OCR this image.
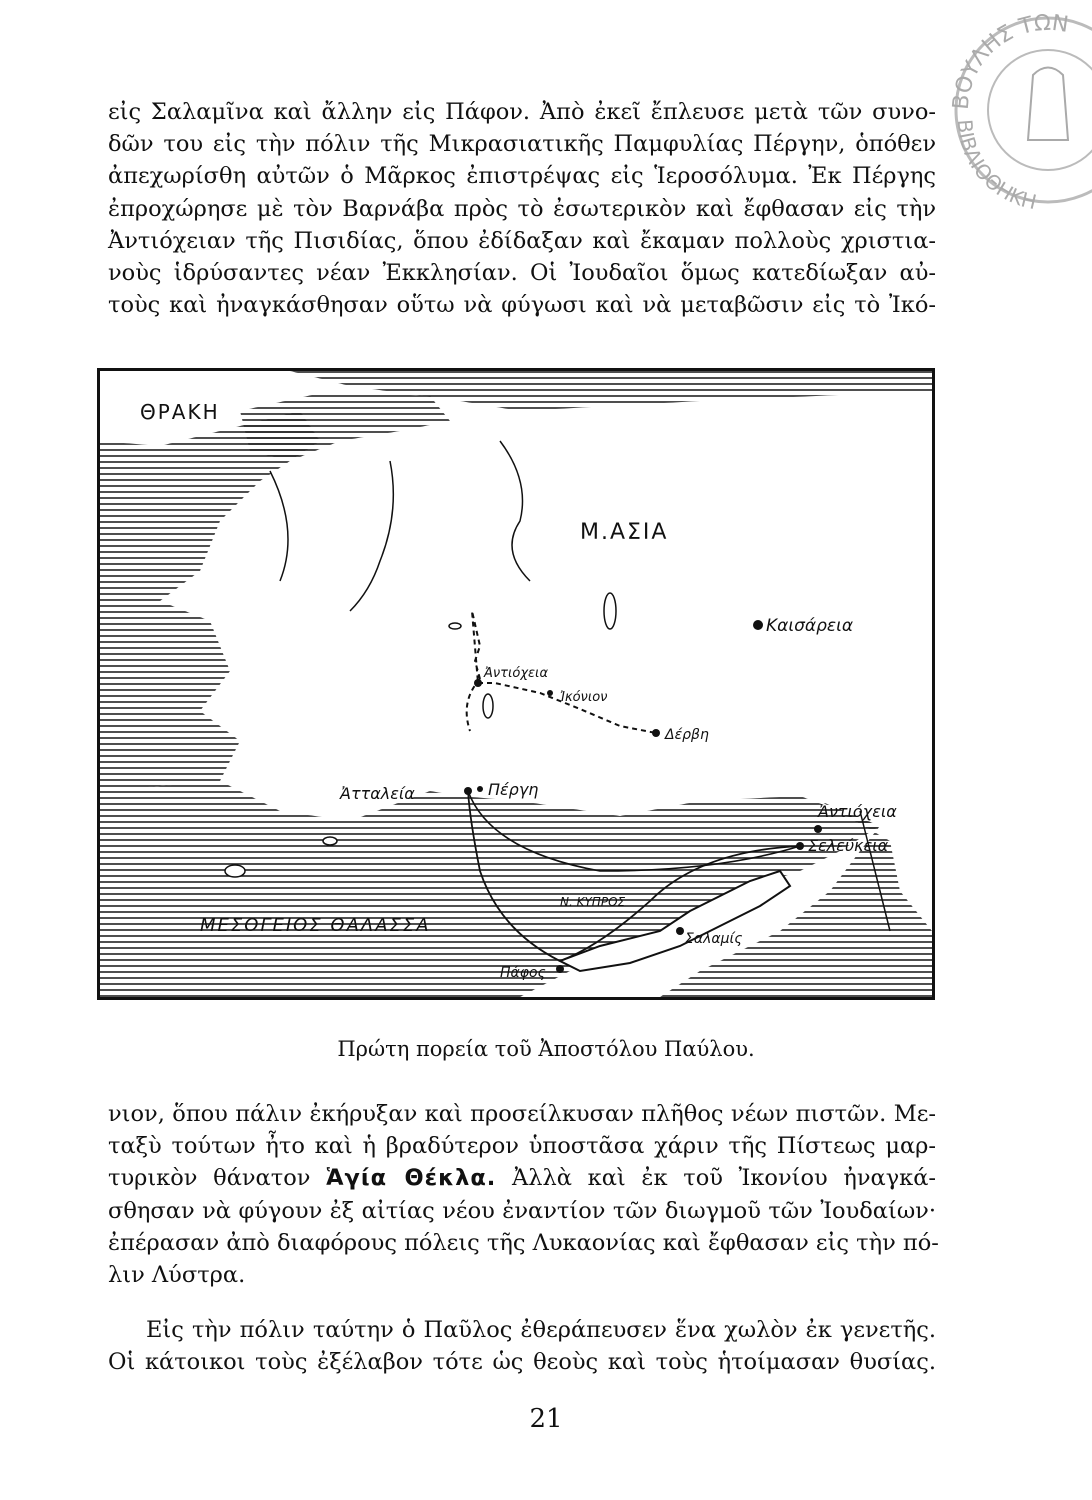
εἰς Σαλαμῖνα καὶ ἄλλην εἰς Πάφον. Ἀπὸ ἐκεῖ ἔπλευσε μετὰ τῶν συνο-
δῶν του εἰς τὴν πόλιν τῆς Μικρασιατικῆς Παμφυλίας Πέργην, ὁπόθεν
ἀπεχωρίσθη αὐτῶν ὁ Μᾶρκος ἐπιστρέψας εἰς Ἱεροσόλυμα. Ἐκ Πέργης
ἐπροχώρησε μὲ τὸν Βαρνάβα πρὸς τὸ ἐσωτερικὸν καὶ ἔφθασαν εἰς τὴν
Ἀντιόχειαν τῆς Πισιδίας, ὅπου ἐδίδαξαν καὶ ἔκαμαν πολλοὺς χριστια-
νοὺς ἱδρύσαντες νέαν Ἐκκλησίαν. Οἱ Ἰουδαῖοι ὅμως κατεδίωξαν αὐ-
τοὺς καὶ ἠναγκάσθησαν οὕτω νὰ φύγωσι καὶ νὰ μεταβῶσιν εἰς τὸ Ἰκό-
ΘΡΑΚΗ
Μ.ΑΣΙΑ
ΜΕΣΟΓΕΙΟΣ ΘΑΛΑΣΣΑ
Ν. ΚΥΠΡΟΣ
Καισάρεια
Ἀντιόχεια
Ἰκόνιον
Δέρβη
Ἀτταλεία	Πέργη
Ἀντιόχεια
Σελεύκεια
Σαλαμίς
Πάφος
Πρώτη πορεία τοῦ Ἀποστόλου Παύλου.
νιον, ὅπου πάλιν ἐκήρυξαν καὶ προσείλκυσαν πλῆθος νέων πιστῶν. Με-
ταξὺ τούτων ἦτο καὶ ἡ βραδύτερον ὑποστᾶσα χάριν τῆς Πίστεως μαρ-
τυρικὸν θάνατον Ἁγία Θέκλα. Ἀλλὰ καὶ ἐκ τοῦ Ἰκονίου ἠναγκά-
σθησαν νὰ φύγουν ἐξ αἰτίας νέου ἐναντίον τῶν διωγμοῦ τῶν Ἰουδαίων·
ἐπέρασαν ἀπὸ διαφόρους πόλεις τῆς Λυκαονίας καὶ ἔφθασαν εἰς τὴν πό-
λιν Λύστρα.
Εἰς τὴν πόλιν ταύτην ὁ Παῦλος ἐθεράπευσεν ἕνα χωλὸν ἐκ γενετῆς.
Οἱ κάτοικοι τοὺς ἐξέλαβον τότε ὡς θεοὺς καὶ τοὺς ἡτοίμασαν θυσίας.
21
ΒΟΥΛΗΣ ΤΩΝ
ΒΙΒΛΙΟΘΗΚΗ
